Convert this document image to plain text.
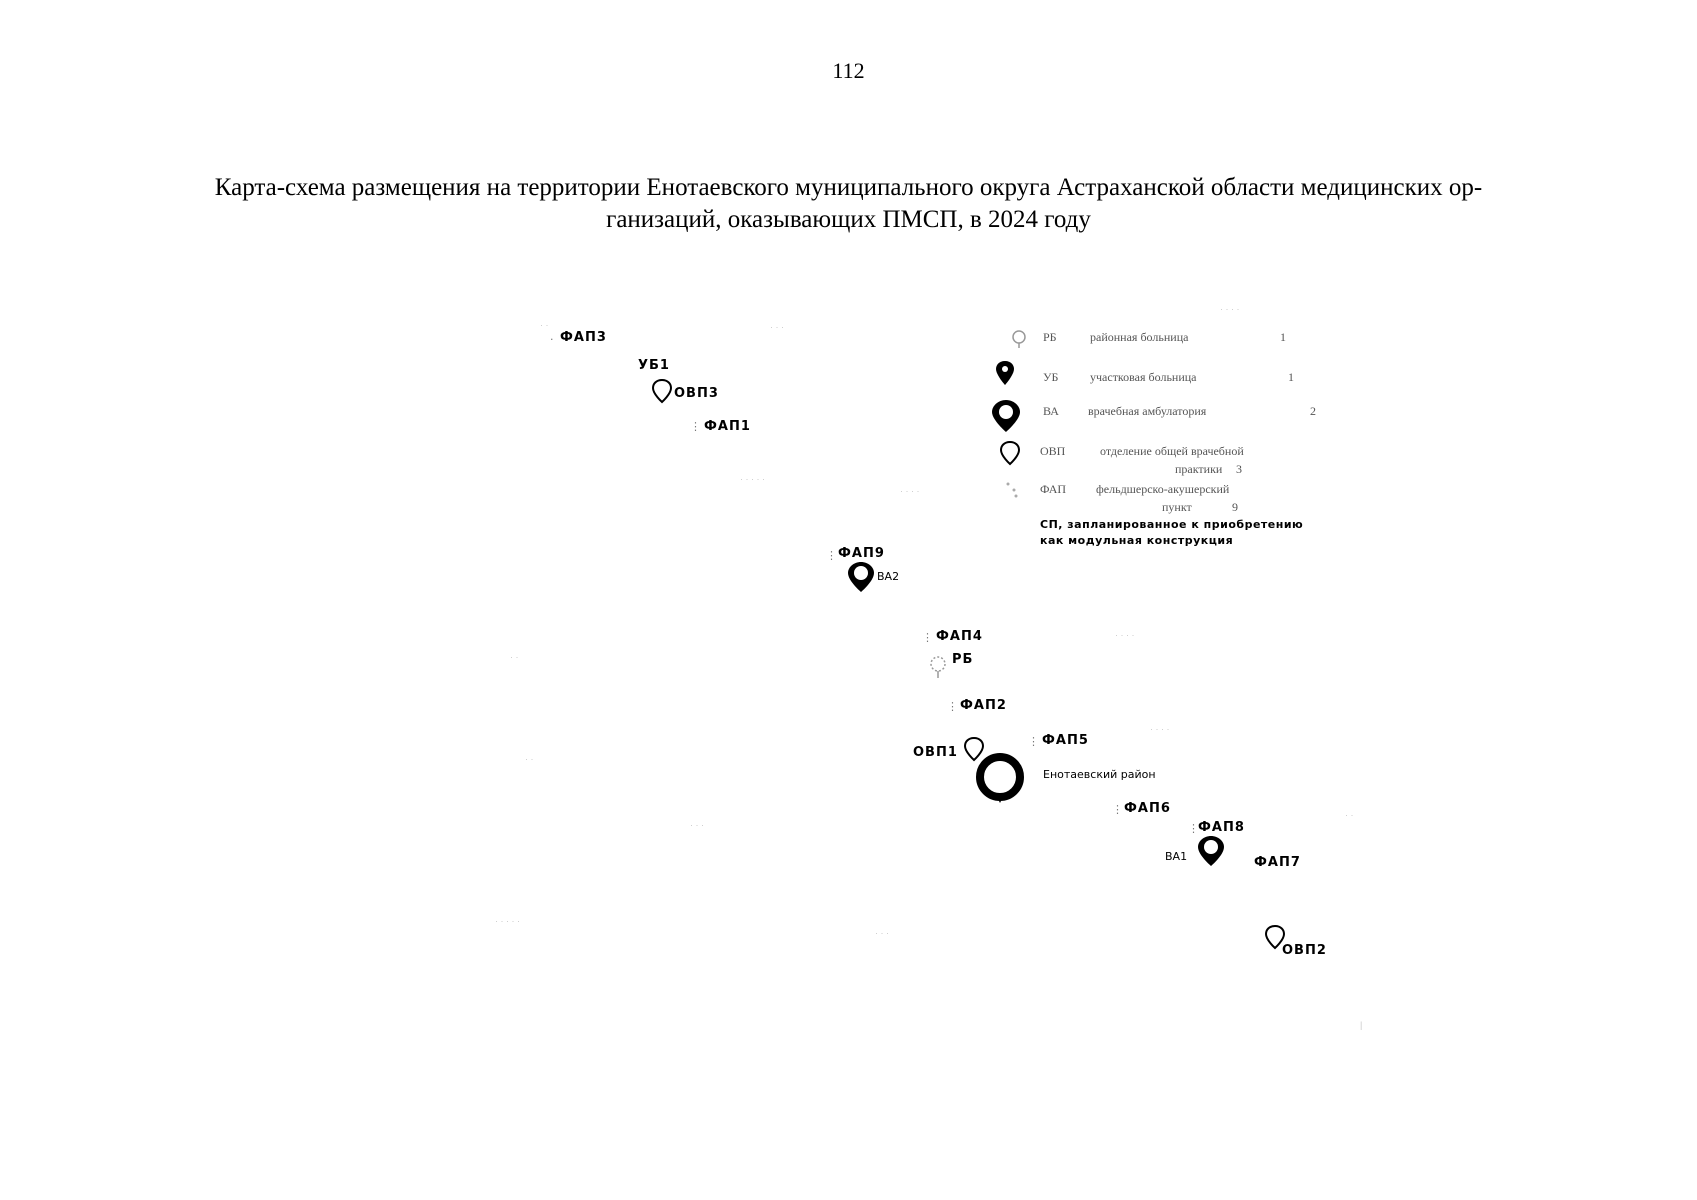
112
Карта-схема размещения на территории Енотаевского муниципального округа Астраханской области медицинских ор-
ганизаций, оказывающих ПМСП, в 2024 году
· ·	· · ·
· · · ·
· · · · ·
· · · ·
· ·
· · · ·
· ·
· · · ·
· · ·
· ·
· · · · ·
· · ·
|
РБ	районная больница	1
УБ	участковая больница	1
ВА врачебная амбулатория	2
ОВП	отделение общей врачебной
практики 3
ФАП фельдшерско-акушерский
пункт	9
СП, запланированное к приобретению
как модульная конструкция
· ФАП3
УБ1
ОВП3
⋮ ФАП1
⋮ ФАП9
ВА2
⋮ ФАП4
РБ
⋮ ФАП2
⋮ ФАП5
ОВП1
Енотаевский район
⋮ ФАП6
⋮ ФАП8
ВА1	ФАП7
ОВП2
